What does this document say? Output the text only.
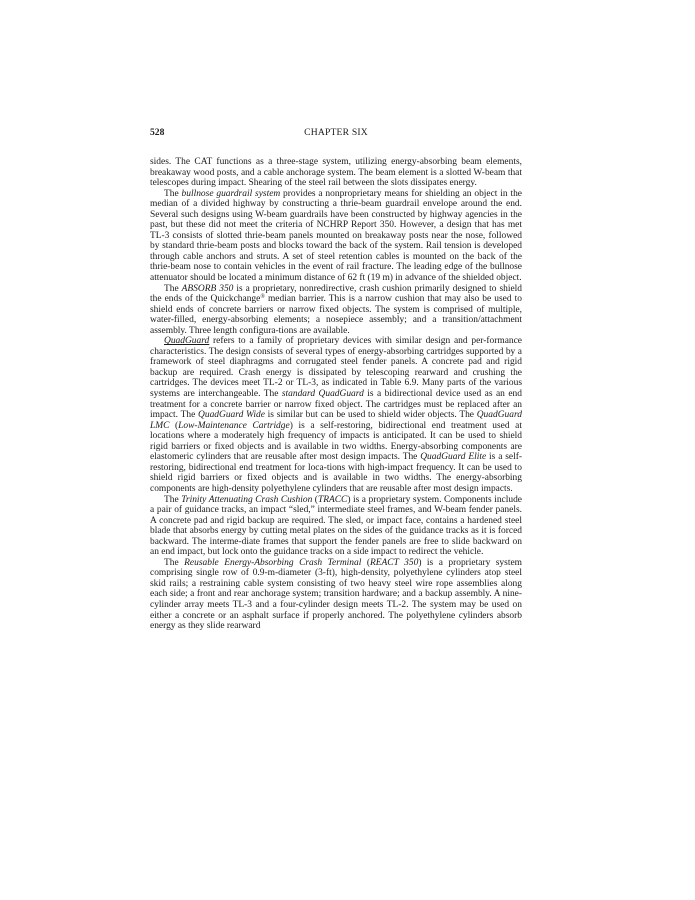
528	CHAPTER SIX

sides. The CAT functions as a three-stage system, utilizing energy-absorbing beam elements, breakaway wood posts, and a cable anchorage system. The beam element is a slotted W-beam that telescopes during impact. Shearing of the steel rail between the slots dissipates energy.

The bullnose guardrail system provides a nonproprietary means for shielding an object in the median of a divided highway by constructing a thrie-beam guardrail envelope around the end. Several such designs using W-beam guardrails have been constructed by highway agencies in the past, but these did not meet the criteria of NCHRP Report 350. However, a design that has met TL-3 consists of slotted thrie-beam panels mounted on breakaway posts near the nose, followed by standard thrie-beam posts and blocks toward the back of the system. Rail tension is developed through cable anchors and struts. A set of steel retention cables is mounted on the back of the thrie-beam nose to contain vehicles in the event of rail fracture. The leading edge of the bullnose attenuator should be located a minimum distance of 62 ft (19 m) in advance of the shielded object.

The ABSORB 350 is a proprietary, nonredirective, crash cushion primarily designed to shield the ends of the Quickchange® median barrier. This is a narrow cushion that may also be used to shield ends of concrete barriers or narrow fixed objects. The system is comprised of multiple, water-filled, energy-absorbing elements; a nosepiece assembly; and a transition/attachment assembly. Three length configura-tions are available.

QuadGuard refers to a family of proprietary devices with similar design and per-formance characteristics. The design consists of several types of energy-absorbing cartridges supported by a framework of steel diaphragms and corrugated steel fender panels. A concrete pad and rigid backup are required. Crash energy is dissipated by telescoping rearward and crushing the cartridges. The devices meet TL-2 or TL-3, as indicated in Table 6.9. Many parts of the various systems are interchangeable. The standard QuadGuard is a bidirectional device used as an end treatment for a concrete barrier or narrow fixed object. The cartridges must be replaced after an impact. The QuadGuard Wide is similar but can be used to shield wider objects. The QuadGuard LMC (Low-Maintenance Cartridge) is a self-restoring, bidirectional end treatment used at locations where a moderately high frequency of impacts is anticipated. It can be used to shield rigid barriers or fixed objects and is available in two widths. Energy-absorbing components are elastomeric cylinders that are reusable after most design impacts. The QuadGuard Elite is a self-restoring, bidirectional end treatment for loca-tions with high-impact frequency. It can be used to shield rigid barriers or fixed objects and is available in two widths. The energy-absorbing components are high-density polyethylene cylinders that are reusable after most design impacts.

The Trinity Attenuating Crash Cushion (TRACC) is a proprietary system. Components include a pair of guidance tracks, an impact “sled,” intermediate steel frames, and W-beam fender panels. A concrete pad and rigid backup are required. The sled, or impact face, contains a hardened steel blade that absorbs energy by cutting metal plates on the sides of the guidance tracks as it is forced backward. The interme-diate frames that support the fender panels are free to slide backward on an end impact, but lock onto the guidance tracks on a side impact to redirect the vehicle.

The Reusable Energy-Absorbing Crash Terminal (REACT 350) is a proprietary system comprising single row of 0.9-m-diameter (3-ft), high-density, polyethylene cylinders atop steel skid rails; a restraining cable system consisting of two heavy steel wire rope assemblies along each side; a front and rear anchorage system; transition hardware; and a backup assembly. A nine-cylinder array meets TL-3 and a four-cylinder design meets TL-2. The system may be used on either a concrete or an asphalt surface if properly anchored. The polyethylene cylinders absorb energy as they slide rearward
